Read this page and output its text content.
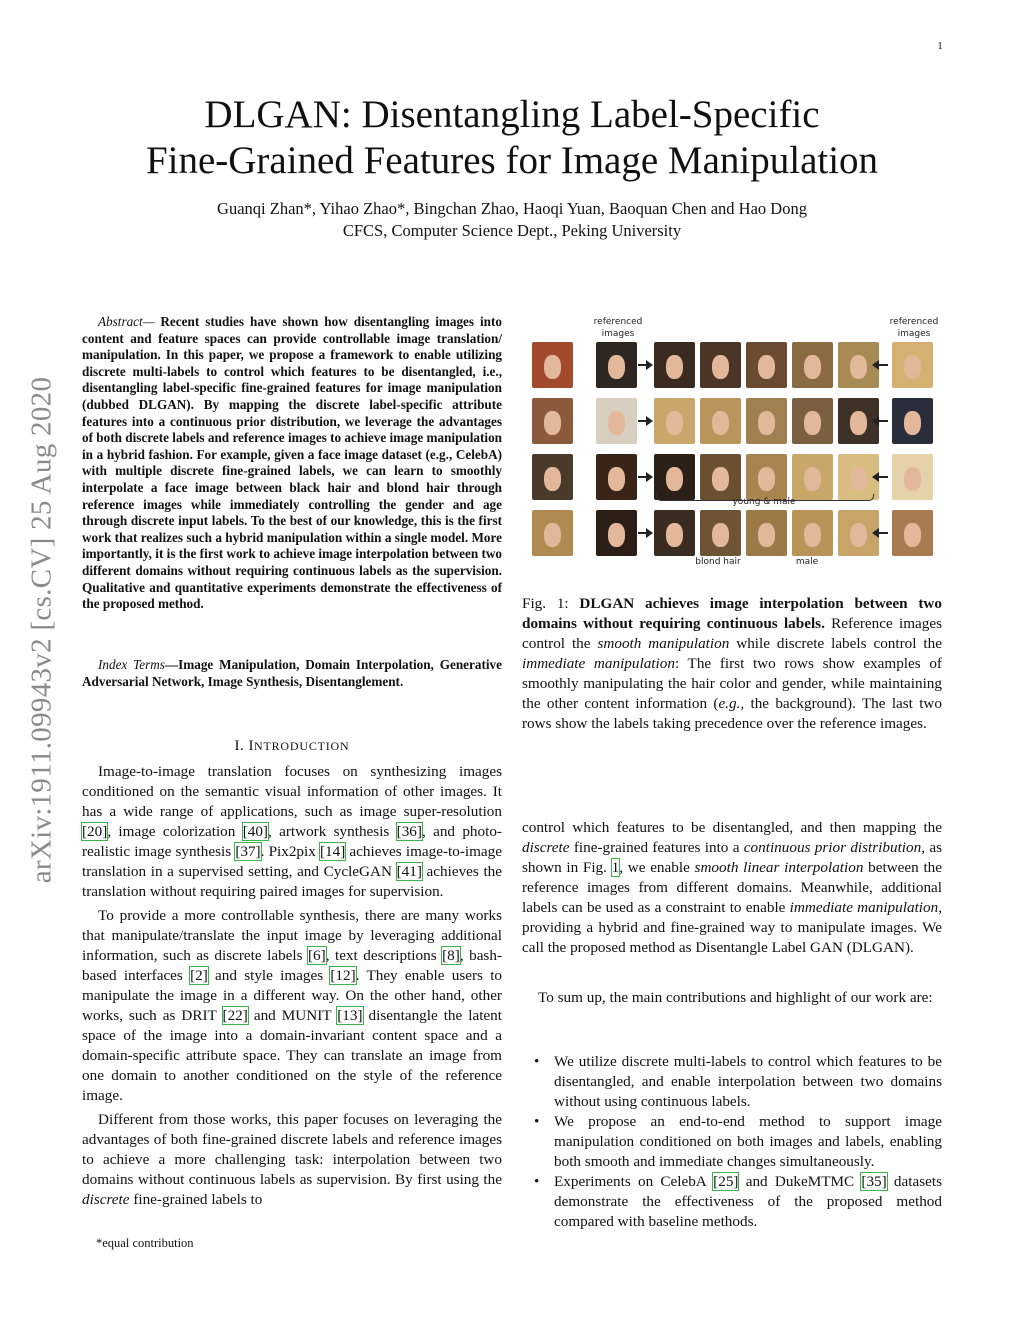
1
DLGAN: Disentangling Label-Specific
Fine-Grained Features for Image Manipulation
Guanqi Zhan*, Yihao Zhao*, Bingchan Zhao, Haoqi Yuan, Baoquan Chen and Hao Dong
CFCS, Computer Science Dept., Peking University
arXiv:1911.09943v2 [cs.CV] 25 Aug 2020
Abstract— Recent studies have shown how disentangling images into content and feature spaces can provide controllable image translation/ manipulation. In this paper, we propose a framework to enable utilizing discrete multi-labels to control which features to be disentangled, i.e., disentangling label-specific fine-grained features for image manipulation (dubbed DLGAN). By mapping the discrete label-specific attribute features into a continuous prior distribution, we leverage the advantages of both discrete labels and reference images to achieve image manipulation in a hybrid fashion. For example, given a face image dataset (e.g., CelebA) with multiple discrete fine-grained labels, we can learn to smoothly interpolate a face image between black hair and blond hair through reference images while immediately controlling the gender and age through discrete input labels. To the best of our knowledge, this is the first work that realizes such a hybrid manipulation within a single model. More importantly, it is the first work to achieve image interpolation between two different domains without requiring continuous labels as the supervision. Qualitative and quantitative experiments demonstrate the effectiveness of the proposed method.
Index Terms—Image Manipulation, Domain Interpolation, Generative Adversarial Network, Image Synthesis, Disentanglement.
I. INTRODUCTION

Image-to-image translation focuses on synthesizing images conditioned on the semantic visual information of other images. It has a wide range of applications, such as image super-resolution [20], image colorization [40], artwork synthesis [36], and photo-realistic image synthesis [37]. Pix2pix [14] achieves image-to-image translation in a supervised setting, and CycleGAN [41] achieves the translation without requiring paired images for supervision.

To provide a more controllable synthesis, there are many works that manipulate/translate the input image by leveraging additional information, such as discrete labels [6], text descriptions [8], bash-based interfaces [2] and style images [12]. They enable users to manipulate the image in a different way. On the other hand, other works, such as DRIT [22] and MUNIT [13] disentangle the latent space of the image into a domain-invariant content space and a domain-specific attribute space. They can translate an image from one domain to another conditioned on the style of the reference image.

Different from those works, this paper focuses on leveraging the advantages of both fine-grained discrete labels and reference images to achieve a more challenging task: interpolation between two domains without continuous labels as supervision. By first using the discrete fine-grained labels to

*equal contribution
referenced images
referenced images
young & male
blond hair	male
Fig. 1: DLGAN achieves image interpolation between two domains without requiring continuous labels. Reference images control the smooth manipulation while discrete labels control the immediate manipulation: The first two rows show examples of smoothly manipulating the hair color and gender, while maintaining the other content information (e.g., the background). The last two rows show the labels taking precedence over the reference images.
control which features to be disentangled, and then mapping the discrete fine-grained features into a continuous prior distribution, as shown in Fig. 1, we enable smooth linear interpolation between the reference images from different domains. Meanwhile, additional labels can be used as a constraint to enable immediate manipulation, providing a hybrid and fine-grained way to manipulate images. We call the proposed method as Disentangle Label GAN (DLGAN).
To sum up, the main contributions and highlight of our work are:
• We utilize discrete multi-labels to control which features to be disentangled, and enable interpolation between two domains without using continuous labels.
• We propose an end-to-end method to support image manipulation conditioned on both images and labels, enabling both smooth and immediate changes simultaneously.
• Experiments on CelebA [25] and DukeMTMC [35] datasets demonstrate the effectiveness of the proposed method compared with baseline methods.
